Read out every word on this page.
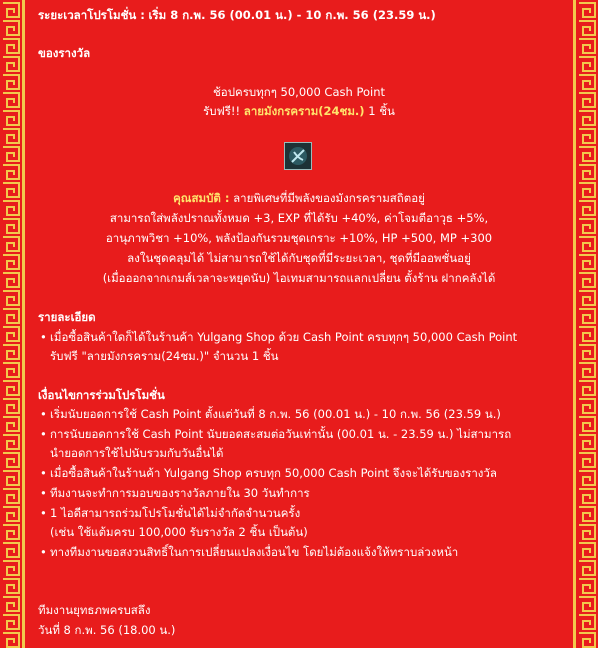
ระยะเวลาโปรโมชั่น : เริ่ม 8 ก.พ. 56 (00.01 น.) - 10 ก.พ. 56 (23.59 น.)
ของรางวัล
ช้อปครบทุกๆ 50,000 Cash Point
รับฟรี!! ลายมังกรคราม(24ชม.) 1 ชิ้น
คุณสมบัติ : ลายพิเศษที่มีพลังของมังกรครามสถิตอยู่
สามารถใส่พลังปราณทั้งหมด +3, EXP ที่ได้รับ +40%, ค่าโจมตีอาวุธ +5%,
อานุภาพวิชา +10%, พลังป้องกันรวมชุดเกราะ +10%, HP +500, MP +300
ลงในชุดคลุมได้ ไม่สามารถใช้ได้กับชุดที่มีระยะเวลา, ชุดที่มีออพชั่นอยู่
(เมื่อออกจากเกมส์เวลาจะหยุดนับ) ไอเทมสามารถแลกเปลี่ยน ตั้งร้าน ฝากคลังได้
รายละเอียด
• เมื่อซื้อสินค้าใดก็ได้ในร้านค้า Yulgang Shop ด้วย Cash Point ครบทุกๆ 50,000 Cash Point
รับฟรี "ลายมังกรคราม(24ชม.)" จำนวน 1 ชิ้น
เงื่อนไขการร่วมโปรโมชั่น
• เริ่มนับยอดการใช้ Cash Point ตั้งแต่วันที่ 8 ก.พ. 56 (00.01 น.) - 10 ก.พ. 56 (23.59 น.)
• การนับยอดการใช้ Cash Point นับยอดสะสมต่อวันเท่านั้น (00.01 น. - 23.59 น.) ไม่สามารถ
นำยอดการใช้ไปนับรวมกับวันอื่นได้
• เมื่อซื้อสินค้าในร้านค้า Yulgang Shop ครบทุก 50,000 Cash Point จึงจะได้รับของรางวัล
• ทีมงานจะทำการมอบของรางวัลภายใน 30 วันทำการ
• 1 ไอดีสามารถร่วมโปรโมชั่นได้ไม่จำกัดจำนวนครั้ง
(เช่น ใช้แต้มครบ 100,000 รับรางวัล 2 ชิ้น เป็นต้น)
• ทางทีมงานขอสงวนสิทธิ์ในการเปลี่ยนแปลงเงื่อนไข โดยไม่ต้องแจ้งให้ทราบล่วงหน้า
ทีมงานยุทธภพครบสลึง
วันที่ 8 ก.พ. 56 (18.00 น.)
